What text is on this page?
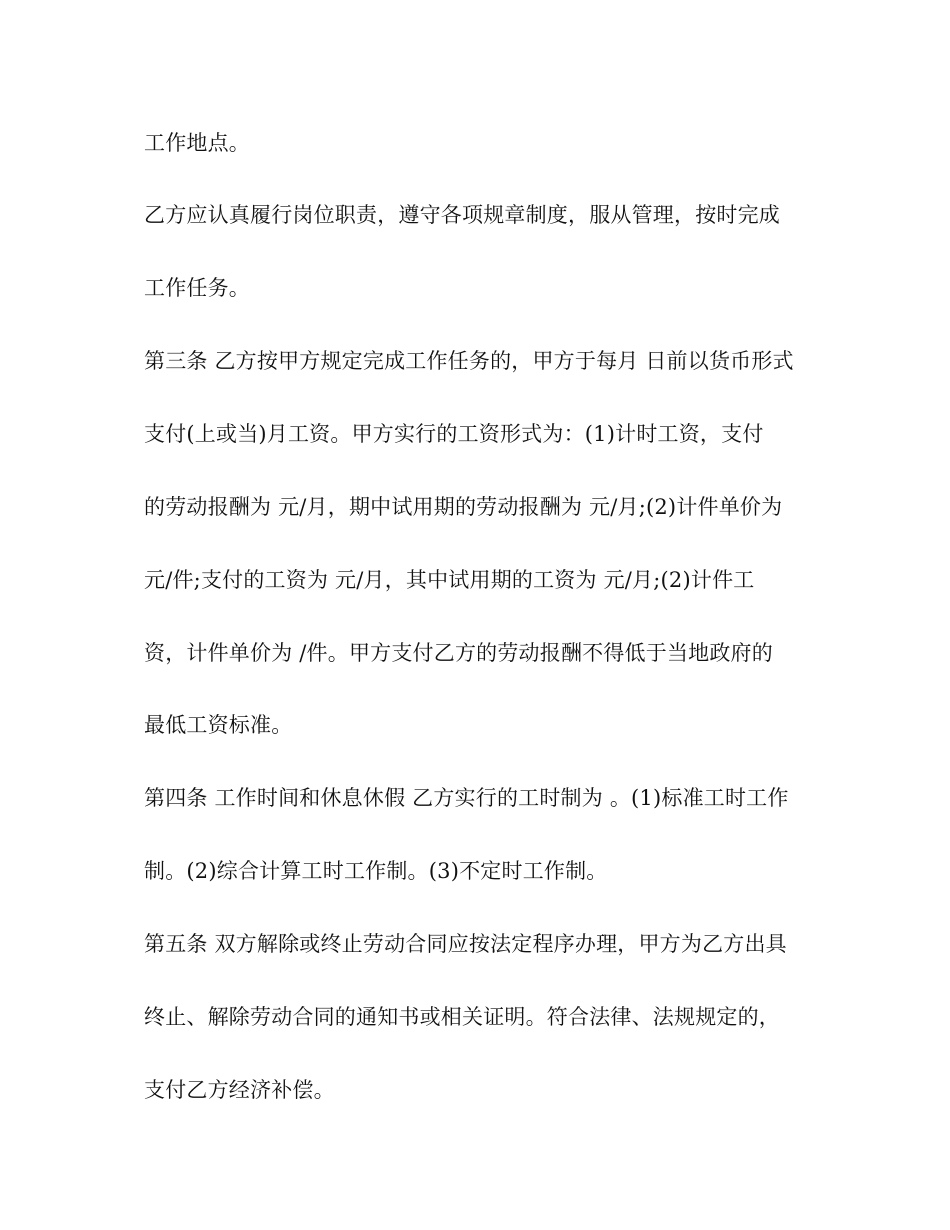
工作地点。
乙方应认真履行岗位职责，遵守各项规章制度，服从管理，按时完成
工作任务。
第三条 乙方按甲方规定完成工作任务的，甲方于每月 日前以货币形式
支付(上或当)月工资。甲方实行的工资形式为：(1)计时工资，支付
的劳动报酬为 元/月，期中试用期的劳动报酬为 元/月;(2)计件单价为
元/件;支付的工资为 元/月，其中试用期的工资为 元/月;(2)计件工
资，计件单价为 /件。甲方支付乙方的劳动报酬不得低于当地政府的
最低工资标准。
第四条 工作时间和休息休假 乙方实行的工时制为 。(1)标准工时工作
制。(2)综合计算工时工作制。(3)不定时工作制。
第五条 双方解除或终止劳动合同应按法定程序办理，甲方为乙方出具
终止、解除劳动合同的通知书或相关证明。符合法律、法规规定的，
支付乙方经济补偿。
